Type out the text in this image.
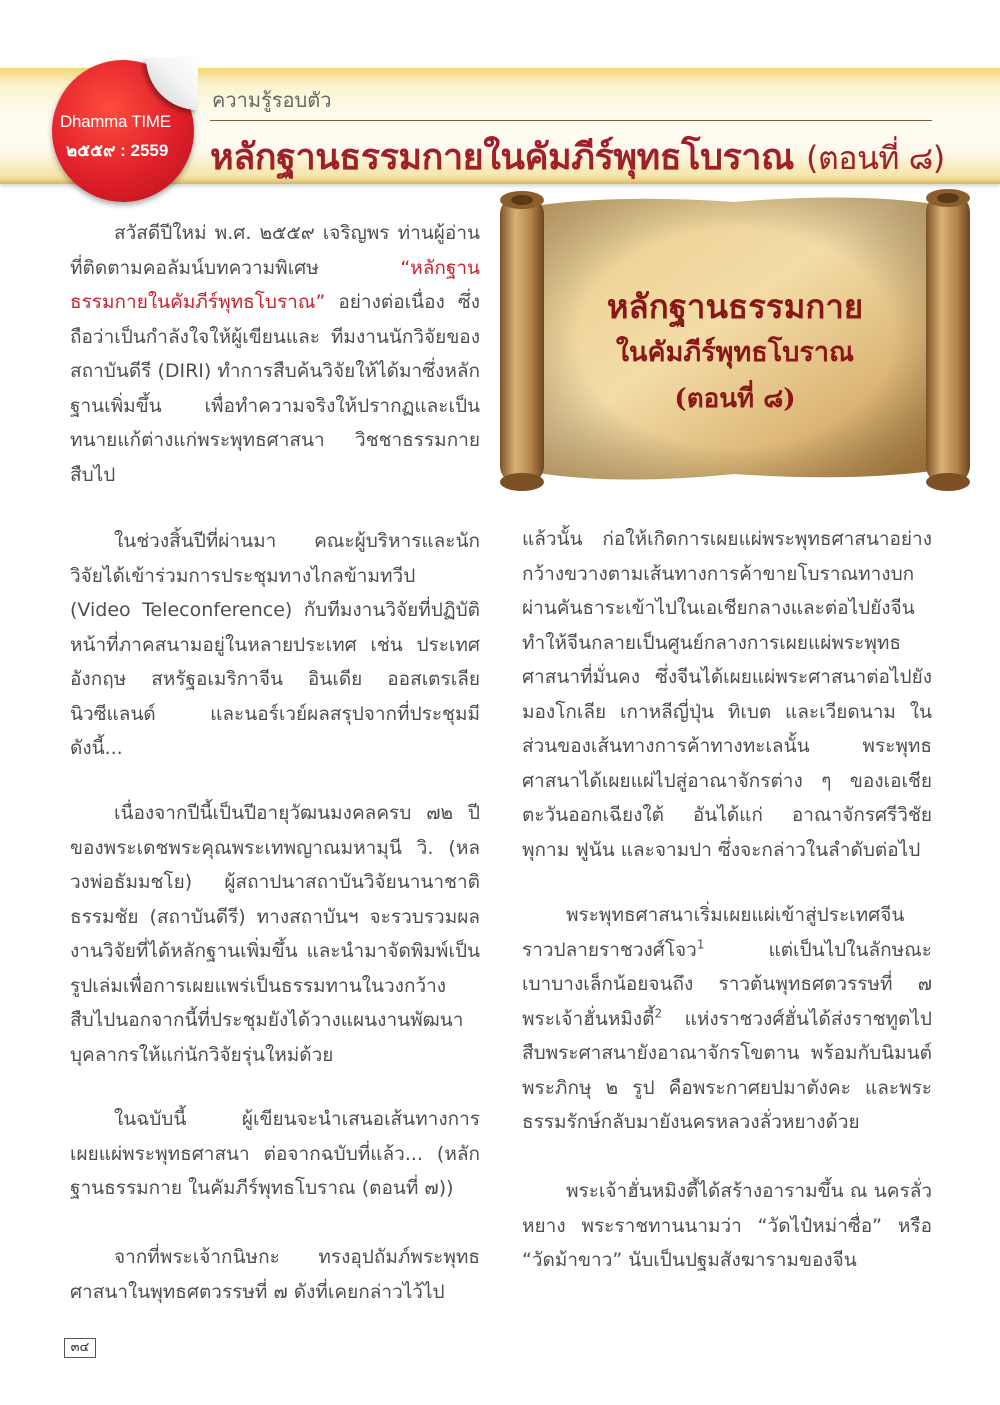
Dhamma TIME
๒๕๕๙ : 2559
ความรู้รอบตัว
หลักฐานธรรมกายในคัมภีร์พุทธโบราณ (ตอนที่ ๘)
หลักฐานธรรมกาย
ในคัมภีร์พุทธโบราณ
(ตอนที่ ๘)
สวัสดีปีใหม่ พ.ศ. ๒๕๕๙ เจริญพร ท่านผู้อ่านที่ติดตามคอลัมน์บทความพิเศษ “หลักฐานธรรมกายในคัมภีร์พุทธโบราณ” อย่างต่อเนื่อง ซึ่งถือว่าเป็นกำลังใจให้ผู้เขียนและ ทีมงานนักวิจัยของสถาบันดีรี (DIRI) ทำการสืบค้นวิจัยให้ได้มาซึ่งหลักฐานเพิ่มขึ้น เพื่อทำความจริงให้ปรากฏและเป็นทนายแก้ต่างแก่พระพุทธศาสนา วิชชาธรรมกาย สืบไป
ในช่วงสิ้นปีที่ผ่านมา คณะผู้บริหารและนักวิจัยได้เข้าร่วมการประชุมทางไกลข้ามทวีป (Video Teleconference) กับทีมงานวิจัยที่ปฏิบัติหน้าที่ภาคสนามอยู่ในหลายประเทศ เช่น ประเทศอังกฤษ สหรัฐอเมริกาจีน อินเดีย ออสเตรเลีย นิวซีแลนด์ และนอร์เวย์ผลสรุปจากที่ประชุมมีดังนี้...
เนื่องจากปีนี้เป็นปีอายุวัฒนมงคลครบ ๗๒ ปี ของพระเดชพระคุณพระเทพญาณมหามุนี วิ. (หลวงพ่อธัมมชโย) ผู้สถาปนาสถาบันวิจัยนานาชาติธรรมชัย (สถาบันดีรี) ทางสถาบันฯ จะรวบรวมผลงานวิจัยที่ได้หลักฐานเพิ่มขึ้น และนำมาจัดพิมพ์เป็นรูปเล่มเพื่อการเผยแพร่เป็นธรรมทานในวงกว้างสืบไปนอกจากนี้ที่ประชุมยังได้วางแผนงานพัฒนาบุคลากรให้แก่นักวิจัยรุ่นใหม่ด้วย
ในฉบับนี้ ผู้เขียนจะนำเสนอเส้นทางการเผยแผ่พระพุทธศาสนา ต่อจากฉบับที่แล้ว... (หลักฐานธรรมกาย ในคัมภีร์พุทธโบราณ (ตอนที่ ๗))
จากที่พระเจ้ากนิษกะ ทรงอุปถัมภ์พระพุทธศาสนาในพุทธศตวรรษที่ ๗ ดังที่เคยกล่าวไว้ไป
แล้วนั้น ก่อให้เกิดการเผยแผ่พระพุทธศาสนาอย่างกว้างขวางตามเส้นทางการค้าขายโบราณทางบกผ่านคันธาระเข้าไปในเอเชียกลางและต่อไปยังจีน ทำให้จีนกลายเป็นศูนย์กลางการเผยแผ่พระพุทธศาสนาที่มั่นคง ซึ่งจีนได้เผยแผ่พระศาสนาต่อไปยังมองโกเลีย เกาหลีญี่ปุ่น ทิเบต และเวียดนาม ในส่วนของเส้นทางการค้าทางทะเลนั้น พระพุทธศาสนาได้เผยแผ่ไปสู่อาณาจักรต่าง ๆ ของเอเชียตะวันออกเฉียงใต้ อันได้แก่ อาณาจักรศรีวิชัย พุกาม ฟูนัน และจามปา ซึ่งจะกล่าวในลำดับต่อไป
พระพุทธศาสนาเริ่มเผยแผ่เข้าสู่ประเทศจีนราวปลายราชวงศ์โจว$^1$ แต่เป็นไปในลักษณะเบาบางเล็กน้อยจนถึง ราวต้นพุทธศตวรรษที่ ๗ พระเจ้าฮั่นหมิงตี้$^2$ แห่งราชวงศ์ฮั่นได้ส่งราชทูตไปสืบพระศาสนายังอาณาจักรโขตาน พร้อมกับนิมนต์พระภิกษุ ๒ รูป คือพระกาศยปมาตังคะ และพระธรรมรักษ์กลับมายังนครหลวงลั่วหยางด้วย
พระเจ้าฮั่นหมิงตี้ได้สร้างอารามขึ้น ณ นครลั่วหยาง พระราชทานนามว่า “วัดไป๋หม่าซื่อ” หรือ “วัดม้าขาว” นับเป็นปฐมสังฆารามของจีน
๓๔
